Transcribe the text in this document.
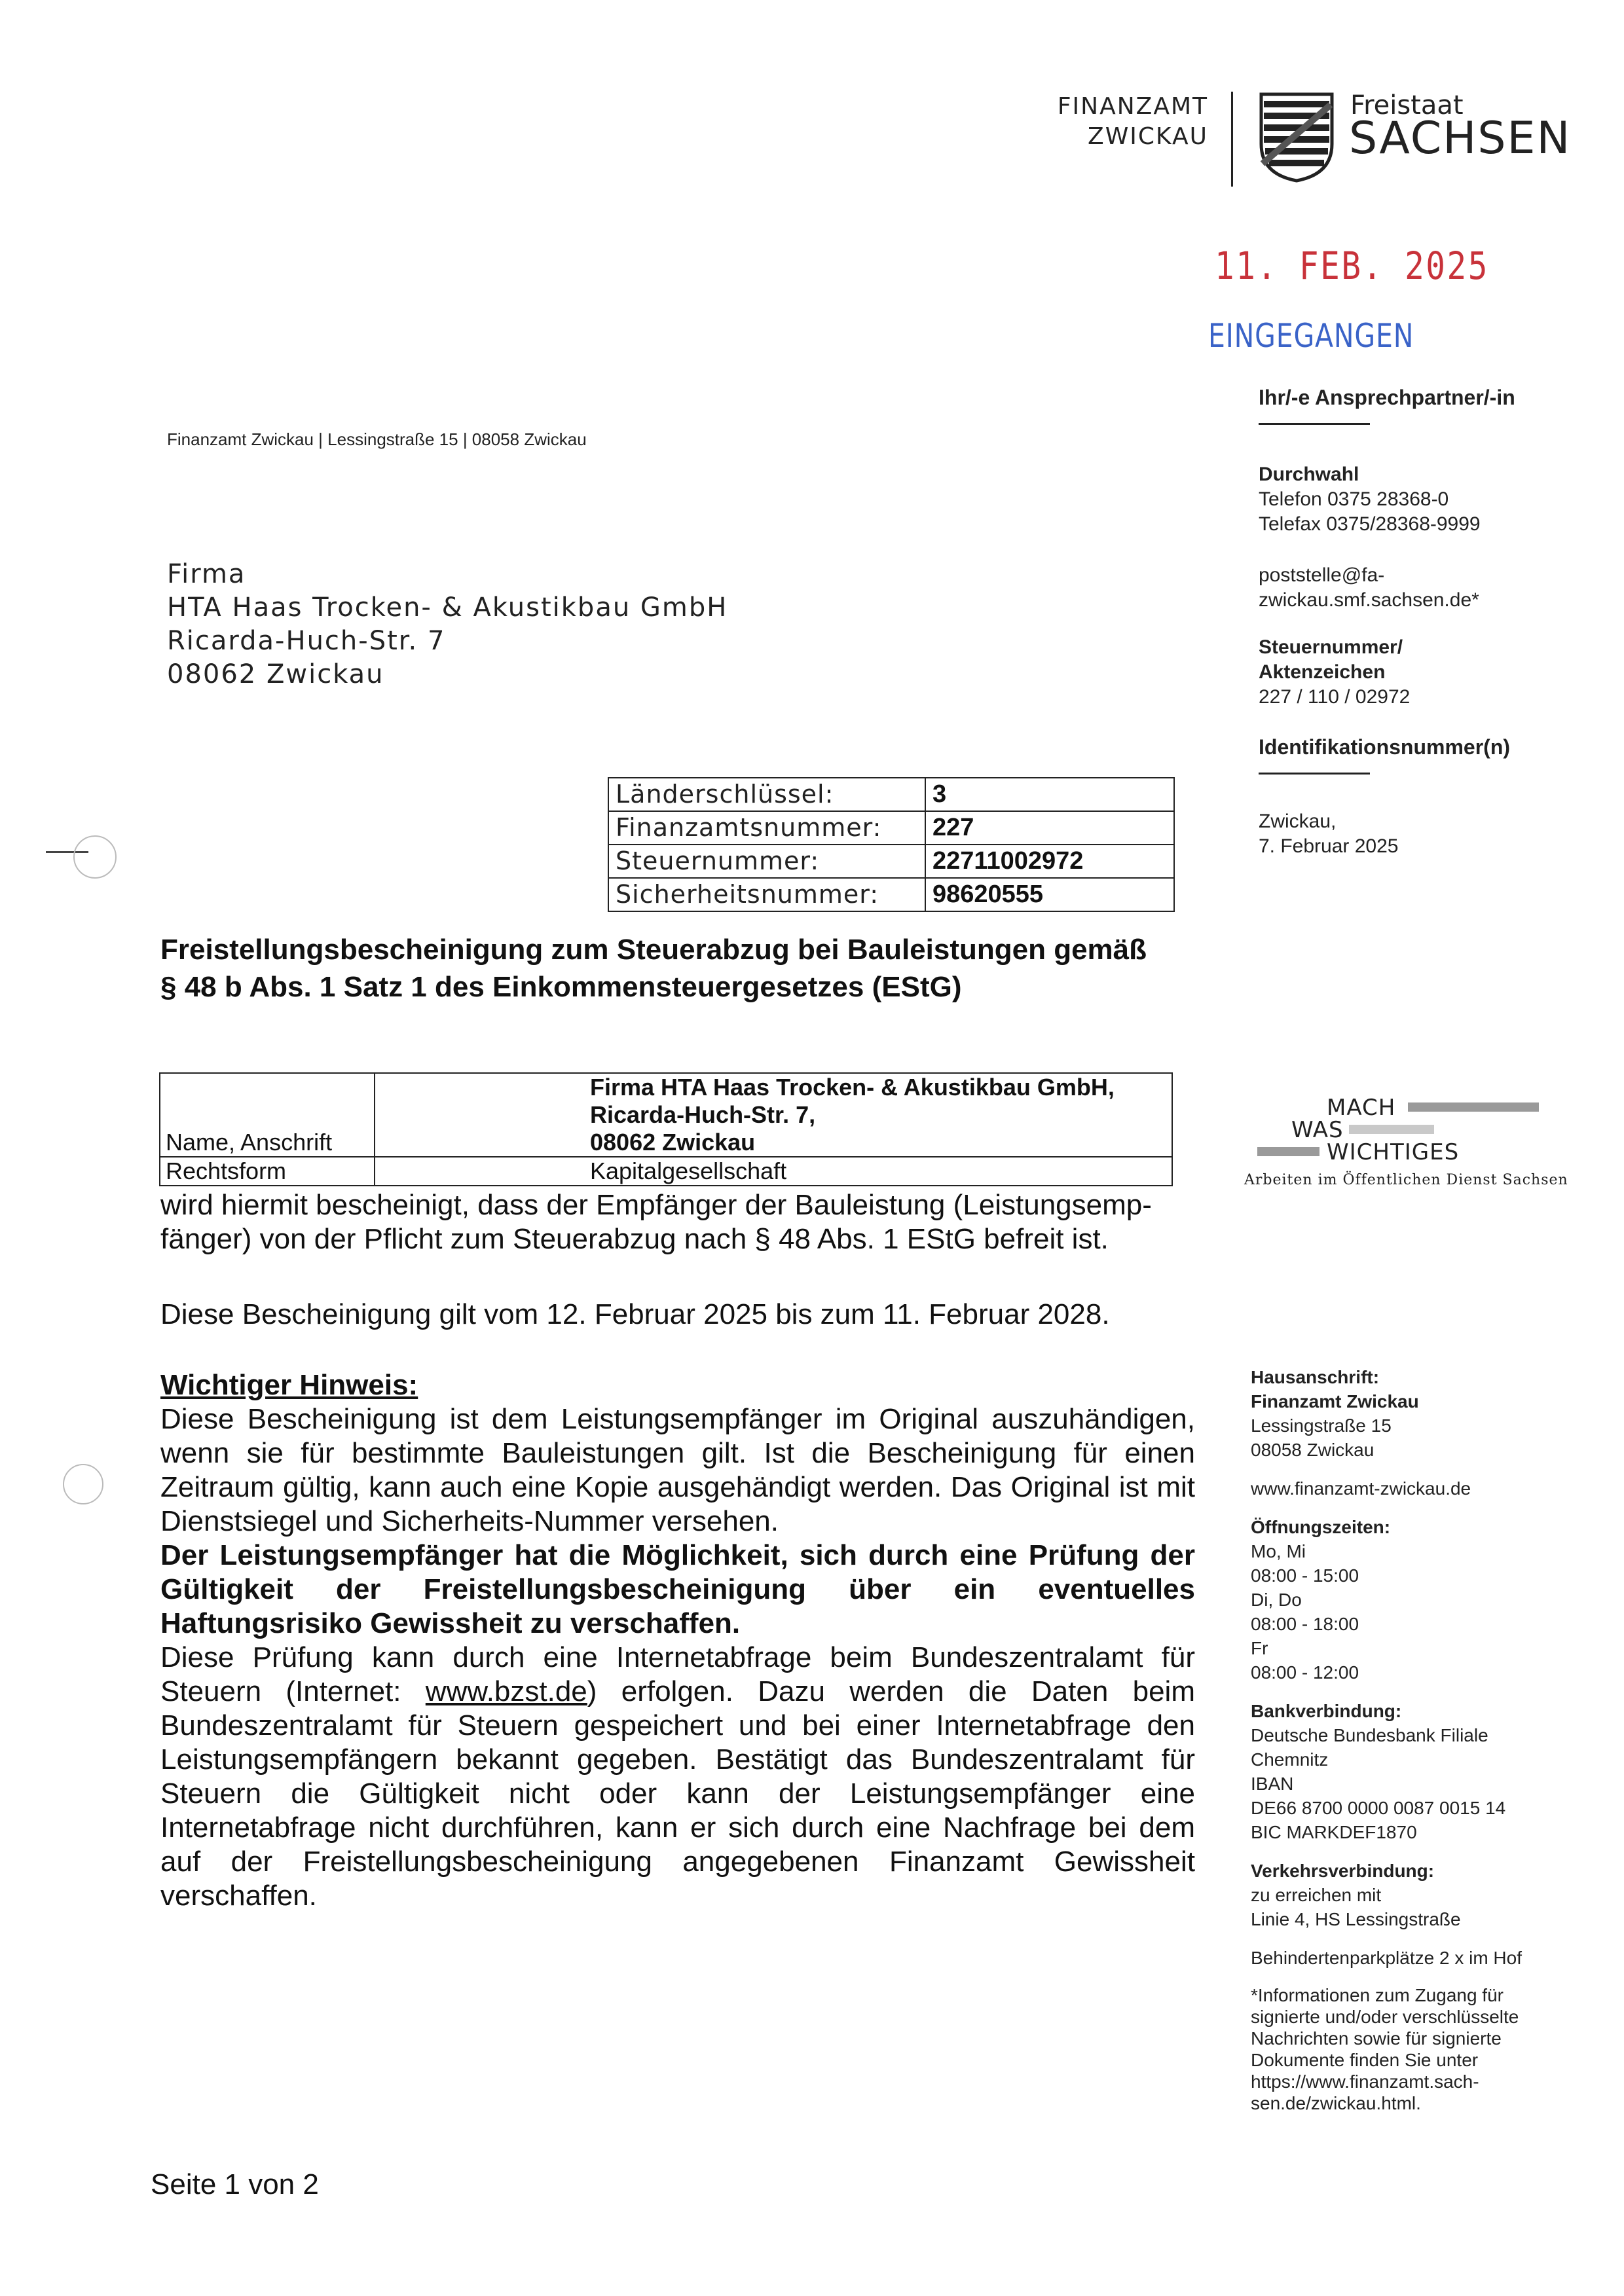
FINANZAMT
ZWICKAU
Freistaat
SACHSEN
11. FEB. 2025
EINGEGANGEN
Finanzamt Zwickau | Lessingstraße 15 | 08058 Zwickau
Firma
HTA Haas Trocken- & Akustikbau GmbH
Ricarda-Huch-Str. 7
08062 Zwickau
Ihr/-e Ansprechpartner/-in
Durchwahl
Telefon 0375 28368-0
Telefax 0375/28368-9999
poststelle@fa-
zwickau.smf.sachsen.de*
Steuernummer/
Aktenzeichen
227 / 110 / 02972
Identifikationsnummer(n)
Zwickau,
7. Februar 2025
Länderschlüssel:	3
Finanzamtsnummer:	227
Steuernummer:	22711002972
Sicherheitsnummer:	98620555
Freistellungsbescheinigung zum Steuerabzug bei Bauleistungen gemäß
§ 48 b Abs. 1 Satz 1 des Einkommensteuergesetzes (EStG)
Name, Anschrift	Firma HTA Haas Trocken- & Akustikbau GmbH, Ricarda-Huch-Str. 7,
08062 Zwickau

Rechtsform	Kapitalgesellschaft
MACH
WAS
WICHTIGES
Arbeiten im Öffentlichen Dienst Sachsen
wird hiermit bescheinigt, dass der Empfänger der Bauleistung (Leistungsemp-
fänger) von der Pflicht zum Steuerabzug nach § 48 Abs. 1 EStG befreit ist.
Diese Bescheinigung gilt vom 12. Februar 2025 bis zum 11. Februar 2028.
Wichtiger Hinweis:
Diese Bescheinigung ist dem Leistungsempfänger im Original auszuhändigen, wenn sie für bestimmte Bauleistungen gilt. Ist die Bescheinigung für einen Zeitraum gültig, kann auch eine Kopie ausgehändigt werden. Das Original ist mit Dienstsiegel und Sicherheits-Nummer versehen.
Der Leistungsempfänger hat die Möglichkeit, sich durch eine Prüfung der Gültigkeit der Freistellungsbescheinigung über ein eventuelles Haftungsrisiko Gewissheit zu verschaffen.
Diese Prüfung kann durch eine Internetabfrage beim Bundeszentralamt für Steuern (Internet: www.bzst.de) erfolgen. Dazu werden die Daten beim Bundeszentralamt für Steuern gespeichert und bei einer Internetabfrage den Leistungsempfängern bekannt gegeben. Bestätigt das Bundeszentralamt für Steuern die Gültigkeit nicht oder kann der Leistungsempfänger eine Internetabfrage nicht durchführen, kann er sich durch eine Nachfrage bei dem auf der Freistellungsbescheinigung angegebenen Finanzamt Gewissheit verschaffen.
Hausanschrift:
Finanzamt Zwickau
Lessingstraße 15
08058 Zwickau
www.finanzamt-zwickau.de
Öffnungszeiten:
Mo, Mi
08:00 - 15:00
Di, Do
08:00 - 18:00
Fr
08:00 - 12:00
Bankverbindung:
Deutsche Bundesbank Filiale
Chemnitz
IBAN
DE66 8700 0000 0087 0015 14
BIC MARKDEF1870
Verkehrsverbindung:
zu erreichen mit
Linie 4, HS Lessingstraße
Behindertenparkplätze 2 x im Hof
*Informationen zum Zugang für
signierte und/oder verschlüsselte
Nachrichten sowie für signierte
Dokumente finden Sie unter
https://www.finanzamt.sach-
sen.de/zwickau.html.
Seite 1 von 2
